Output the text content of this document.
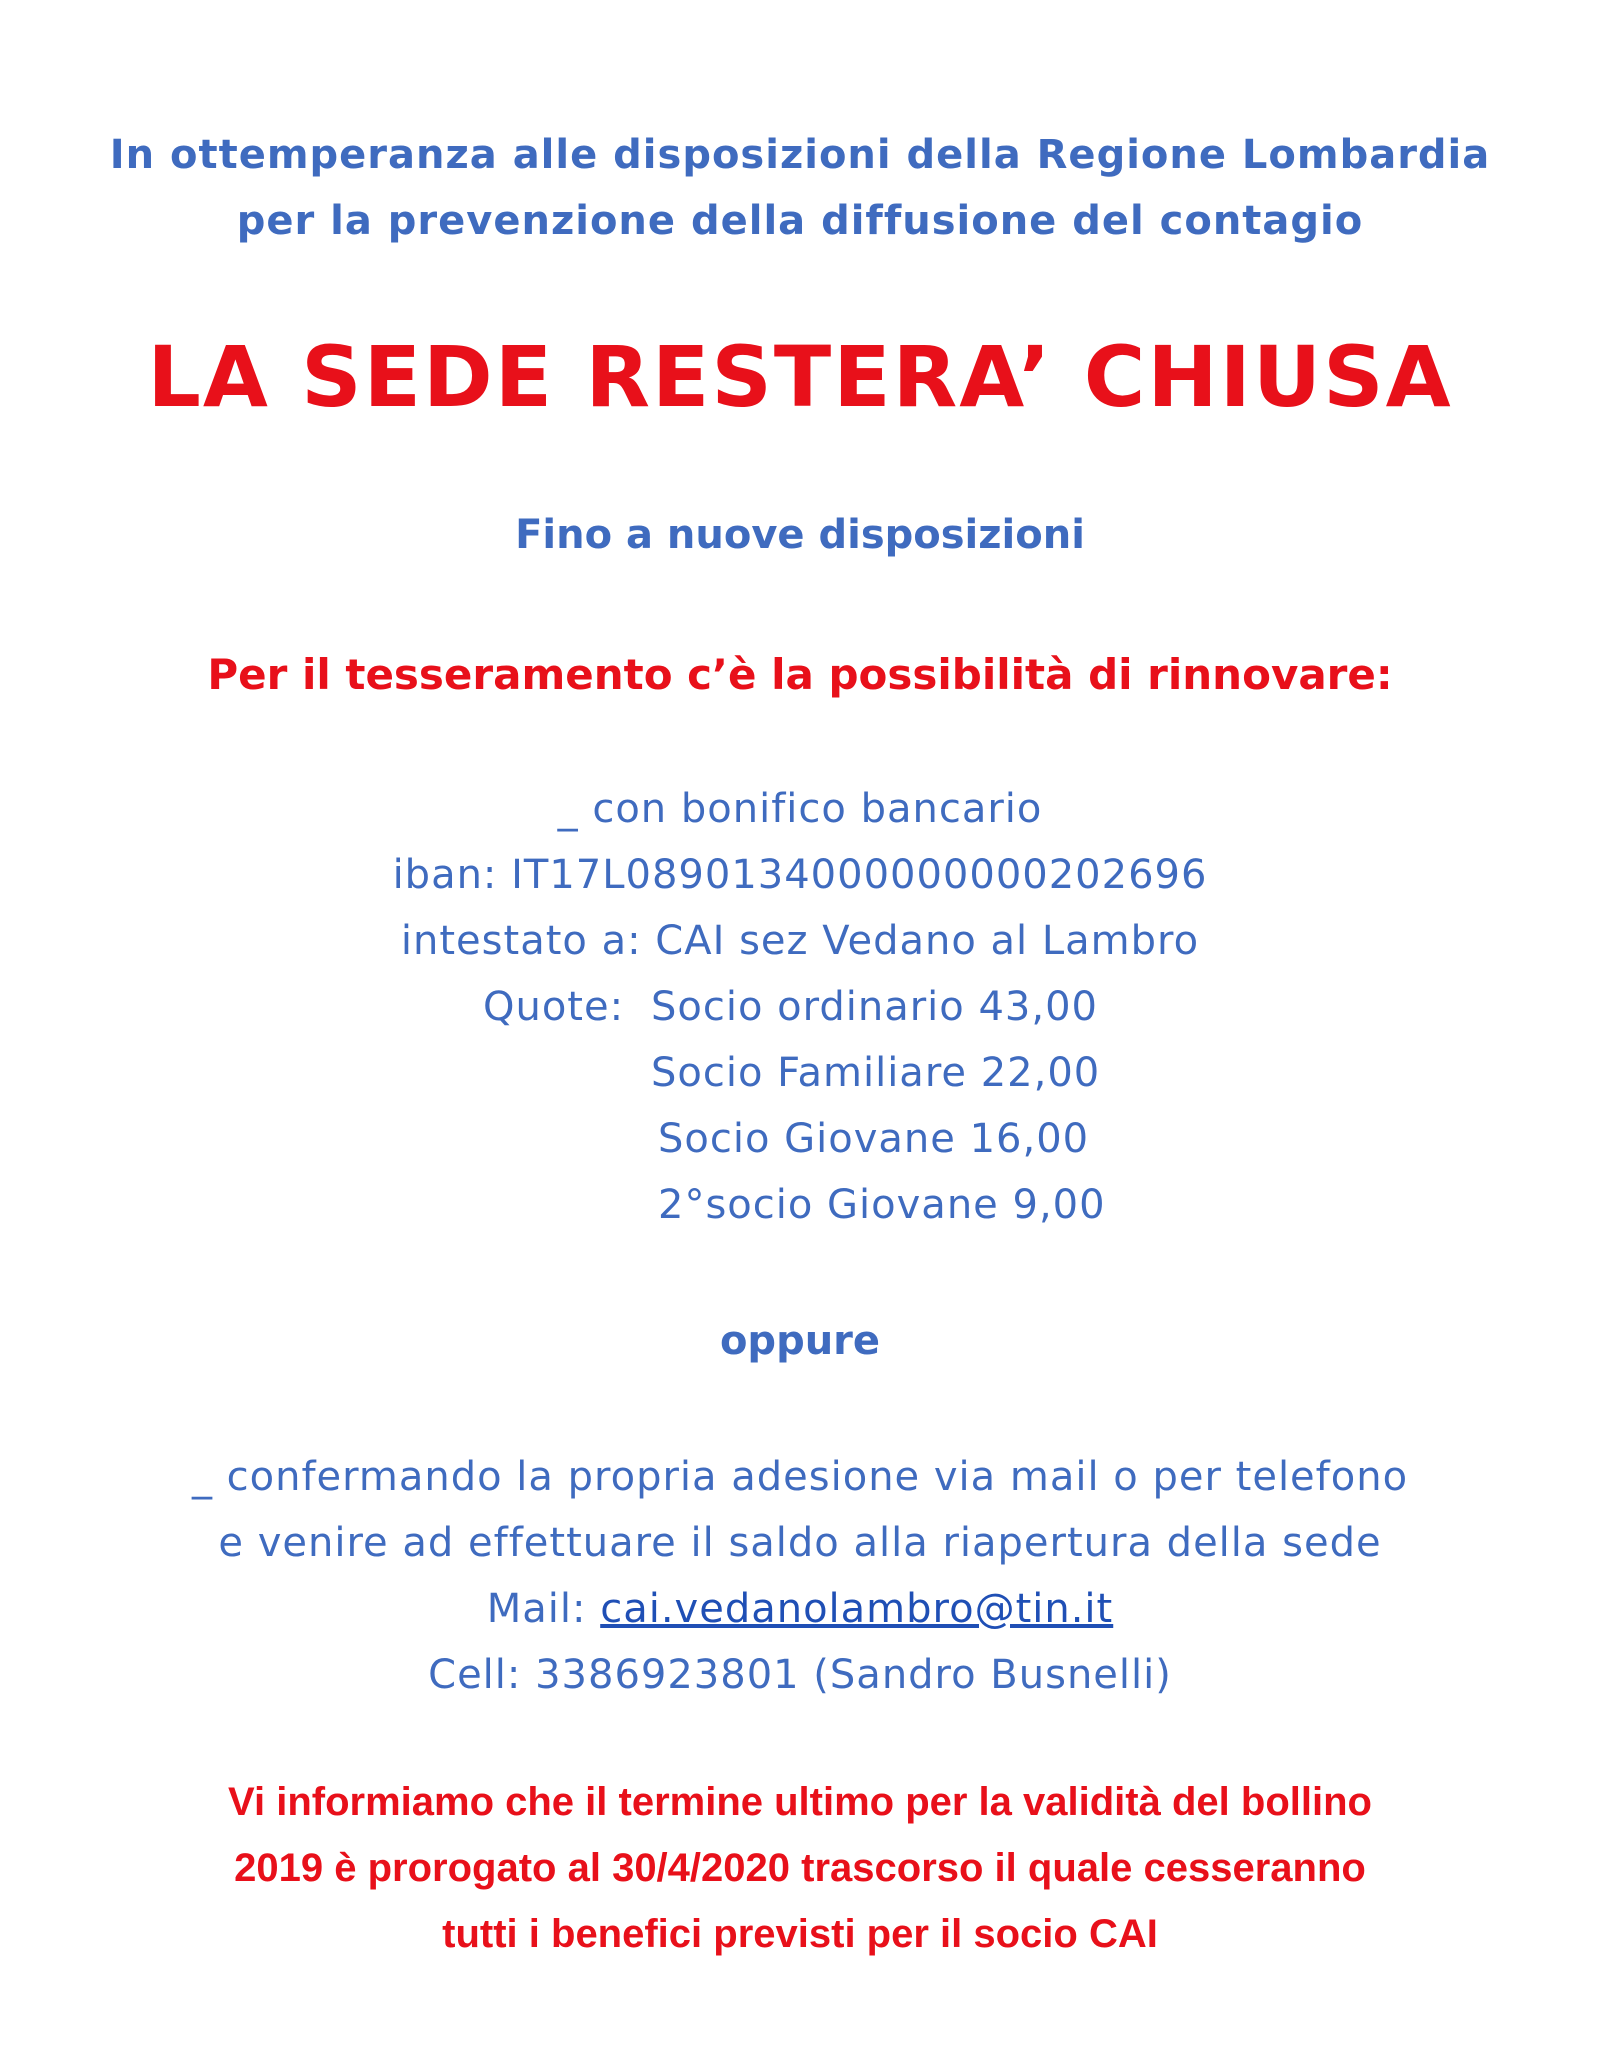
In ottemperanza alle disposizioni della Regione Lombardia

per la prevenzione della diffusione del contagio

LA SEDE RESTERA’ CHIUSA

Fino a nuove disposizioni

Per il tesseramento c’è la possibilità di rinnovare:

_ con bonifico bancario

iban: IT17L0890134000000000202696

intestato a: CAI sez Vedano al Lambro

Quote: Socio ordinario 43,00
Socio Familiare 22,00
Socio Giovane 16,00
2°socio Giovane 9,00

oppure

_ confermando la propria adesione via mail o per telefono

e venire ad effettuare il saldo alla riapertura della sede

Mail: cai.vedanolambro@tin.it

Cell: 3386923801 (Sandro Busnelli)

Vi informiamo che il termine ultimo per la validità del bollino

2019 è prorogato al 30/4/2020 trascorso il quale cesseranno

tutti i benefici previsti per il socio CAI
